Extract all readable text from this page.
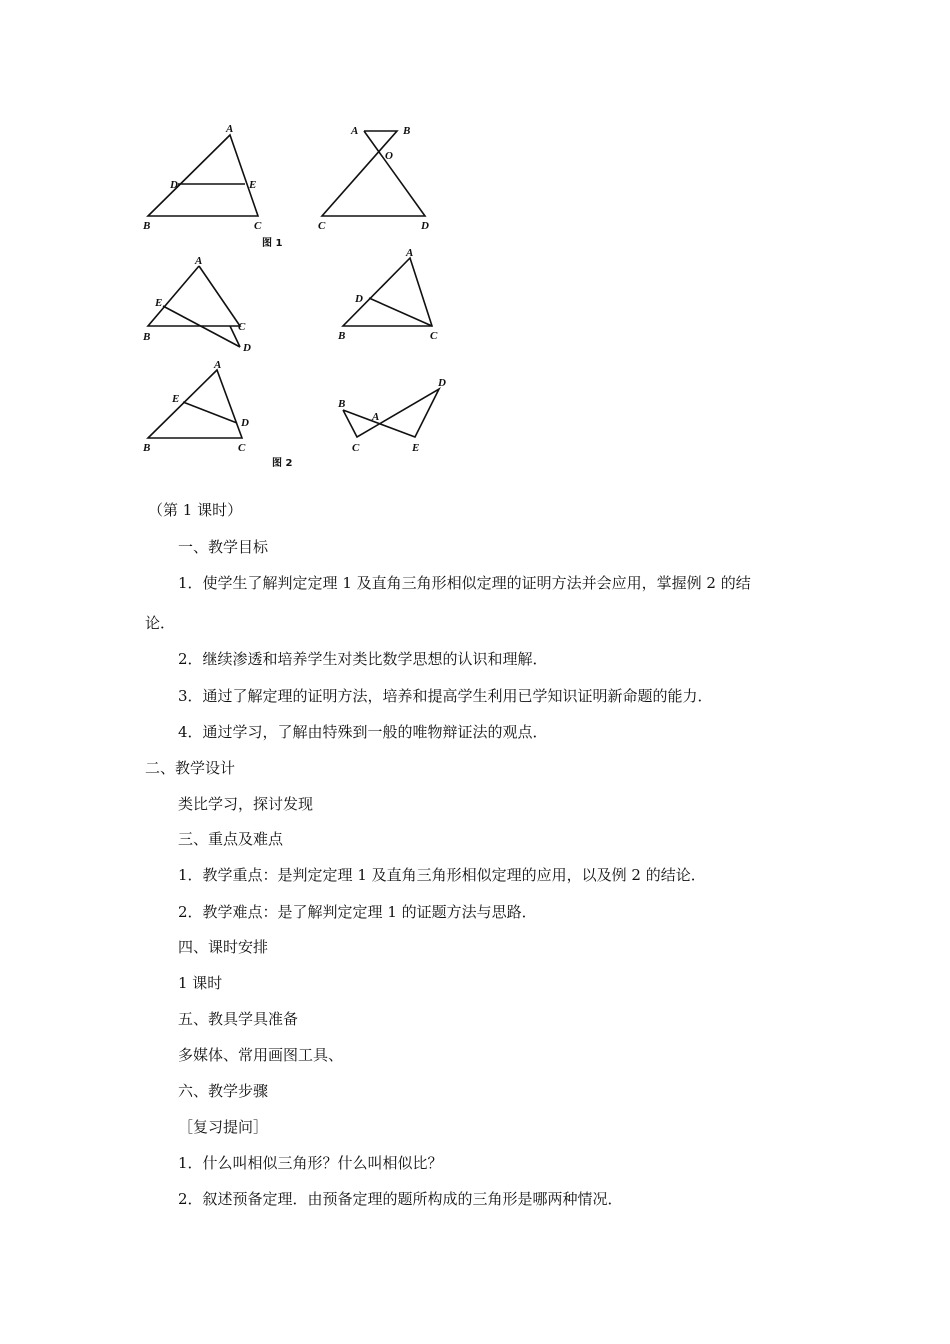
A
D	E
B	C
A	B
O
C	D
图 1
A
E
C
B
D
A
D
B	C
A
E
D
B	C
D
B
A
C	E
图 2
（第 1 课时）
一、教学目标
1．使学生了解判定定理 1 及直角三角形相似定理的证明方法并会应用，掌握例 2 的结
论．
2．继续渗透和培养学生对类比数学思想的认识和理解．
3．通过了解定理的证明方法，培养和提高学生利用已学知识证明新命题的能力．
4．通过学习，了解由特殊到一般的唯物辩证法的观点．
二、教学设计
类比学习，探讨发现
三、重点及难点
1．教学重点：是判定定理 1 及直角三角形相似定理的应用，以及例 2 的结论．
2．教学难点：是了解判定定理 1 的证题方法与思路．
四、课时安排
1 课时
五、教具学具准备
多媒体、常用画图工具、
六、教学步骤
［复习提问］
1．什么叫相似三角形？什么叫相似比？
2．叙述预备定理．由预备定理的题所构成的三角形是哪两种情况．
